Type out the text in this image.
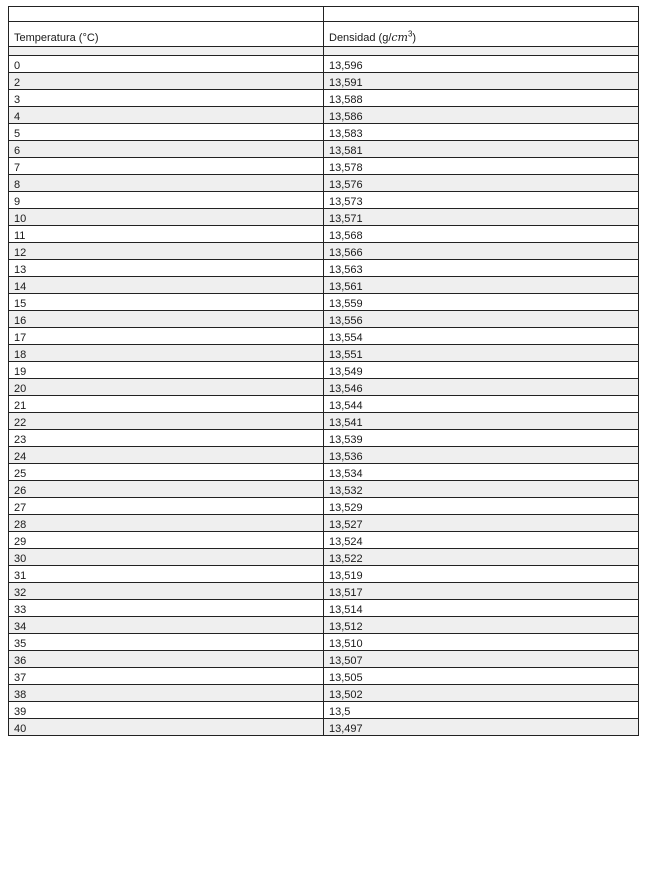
Temperatura (°C)	Densidad $(g/cm^3)$

0	13,596
2	13,591
3	13,588
4	13,586
5	13,583
6	13,581
7	13,578
8	13,576
9	13,573
10	13,571
11	13,568
12	13,566
13	13,563
14	13,561
15	13,559
16	13,556
17	13,554
18	13,551
19	13,549
20	13,546
21	13,544
22	13,541
23	13,539
24	13,536
25	13,534
26	13,532
27	13,529
28	13,527
29	13,524
30	13,522
31	13,519
32	13,517
33	13,514
34	13,512
35	13,510
36	13,507
37	13,505
38	13,502
39	13,5
40	13,497
